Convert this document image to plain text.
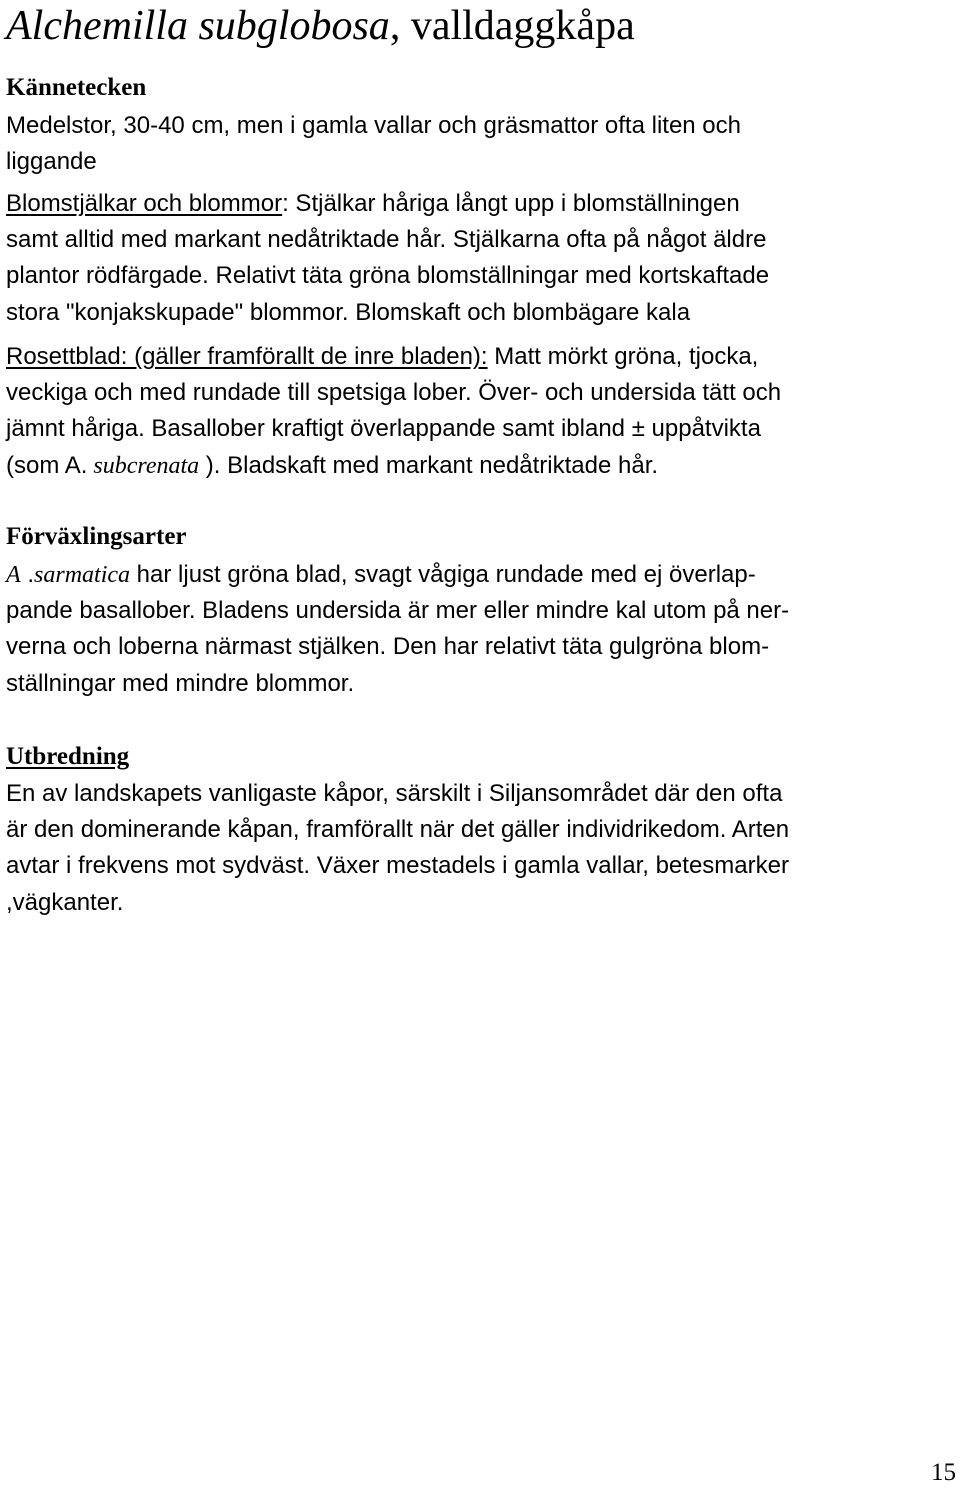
Alchemilla subglobosa, valldaggkåpa
Kännetecken
Medelstor, 30-40 cm, men i gamla vallar och gräsmattor ofta liten och
liggande
Blomstjälkar och blommor: Stjälkar håriga långt upp i blomställningen
samt alltid med markant nedåtriktade hår. Stjälkarna ofta på något äldre
plantor rödfärgade. Relativt täta gröna blomställningar med kortskaftade
stora "konjakskupade" blommor. Blomskaft och blombägare kala
Rosettblad: (gäller framförallt de inre bladen): Matt mörkt gröna, tjocka,
veckiga och med rundade till spetsiga lober. Över- och undersida tätt och
jämnt håriga. Basallober kraftigt överlappande samt ibland ± uppåtvikta
(som A. subcrenata ). Bladskaft med markant nedåtriktade hår.
Förväxlingsarter
A .sarmatica har ljust gröna blad, svagt vågiga rundade med ej överlap-
pande basallober. Bladens undersida är mer eller mindre kal utom på ner-
verna och loberna närmast stjälken. Den har relativt täta gulgröna blom-
ställningar med mindre blommor.
Utbredning
En av landskapets vanligaste kåpor, särskilt i Siljansområdet där den ofta
är den dominerande kåpan, framförallt när det gäller individrikedom. Arten
avtar i frekvens mot sydväst. Växer mestadels i gamla vallar, betesmarker
,vägkanter.
15
